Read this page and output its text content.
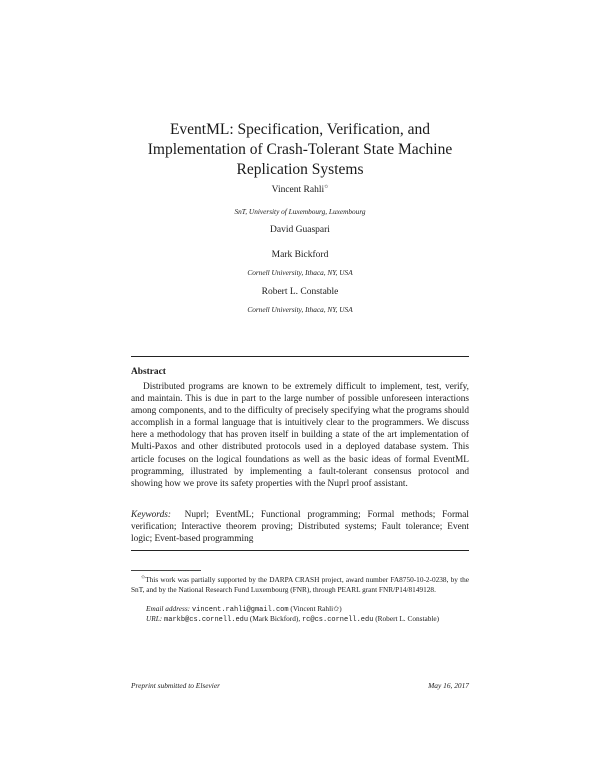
EventML: Specification, Verification, and
Implementation of Crash-Tolerant State Machine
Replication Systems
Vincent Rahli✩
SnT, University of Luxembourg, Luxembourg
David Guaspari
Mark Bickford
Cornell University, Ithaca, NY, USA
Robert L. Constable
Cornell University, Ithaca, NY, USA
Abstract

Distributed programs are known to be extremely difficult to implement, test, verify, and maintain. This is due in part to the large number of possible unforeseen interactions among components, and to the difficulty of precisely specifying what the programs should accomplish in a formal language that is intuitively clear to the programmers. We discuss here a methodology that has proven itself in building a state of the art implementation of Multi-Paxos and other distributed protocols used in a deployed database system. This article focuses on the logical foundations as well as the basic ideas of formal EventML programming, illustrated by implementing a fault-tolerant consensus protocol and showing how we prove its safety properties with the Nuprl proof assistant.

Keywords: Nuprl; EventML; Functional programming; Formal methods; Formal verification; Interactive theorem proving; Distributed systems; Fault tolerance; Event logic; Event-based programming

✩This work was partially supported by the DARPA CRASH project, award number FA8750-10-2-0238, by the SnT, and by the National Research Fund Luxembourg (FNR), through PEARL grant FNR/P14/8149128.

Email address: vincent.rahli@gmail.com (Vincent Rahli✩)

URL: markb@cs.cornell.edu (Mark Bickford), rc@cs.cornell.edu (Robert L. Constable)

Preprint submitted to Elsevier	May 16, 2017
